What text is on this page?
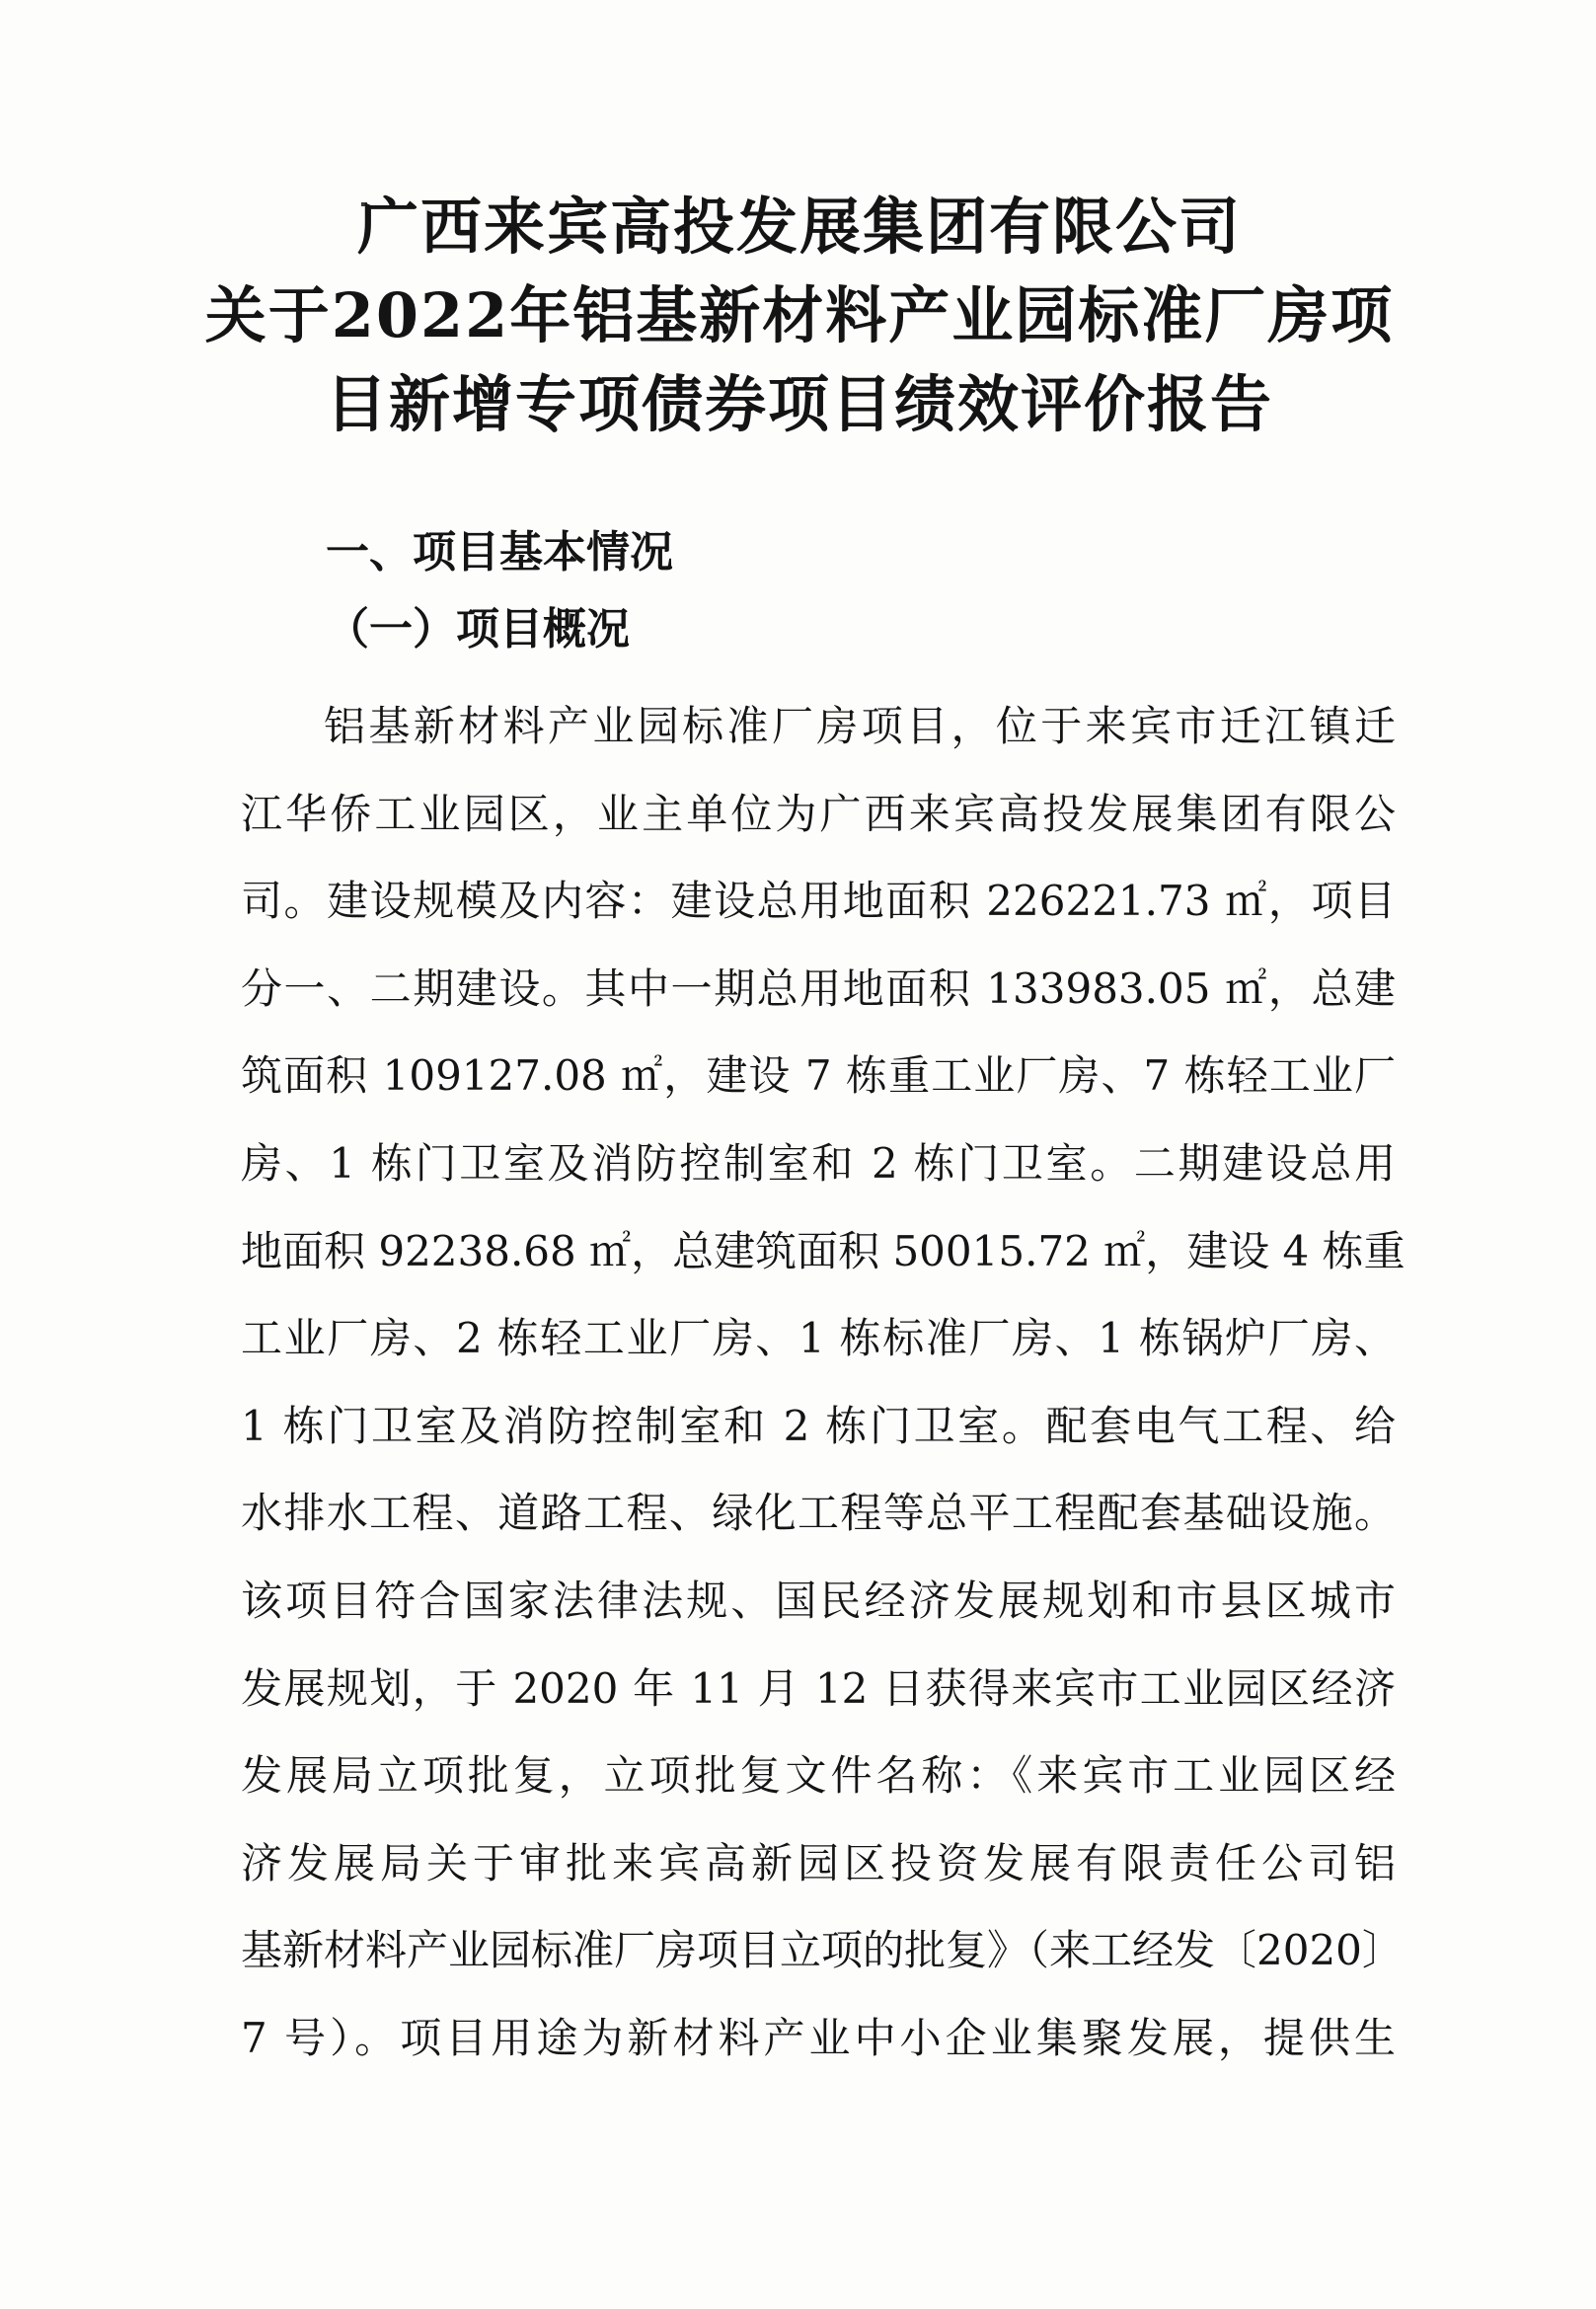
广西来宾高投发展集团有限公司
关于2022年铝基新材料产业园标准厂房项
目新增专项债券项目绩效评价报告
一、项目基本情况
（一）项目概况
铝基新材料产业园标准厂房项目，位于来宾市迁江镇迁
江华侨工业园区，业主单位为广西来宾高投发展集团有限公
司。建设规模及内容：建设总用地面积 226221.73 ㎡，项目
分一、二期建设。其中一期总用地面积 133983.05 ㎡，总建
筑面积 109127.08 ㎡，建设 7 栋重工业厂房、7 栋轻工业厂
房、1 栋门卫室及消防控制室和 2 栋门卫室。二期建设总用
地面积 92238.68 ㎡，总建筑面积 50015.72 ㎡，建设 4 栋重
工业厂房、2 栋轻工业厂房、1 栋标准厂房、1 栋锅炉厂房、
1 栋门卫室及消防控制室和 2 栋门卫室。配套电气工程、给
水排水工程、道路工程、绿化工程等总平工程配套基础设施。
该项目符合国家法律法规、国民经济发展规划和市县区城市
发展规划，于 2020 年 11 月 12 日获得来宾市工业园区经济
发展局立项批复，立项批复文件名称：《来宾市工业园区经
济发展局关于审批来宾高新园区投资发展有限责任公司铝
基新材料产业园标准厂房项目立项的批复》（来工经发〔2020〕
7 号）。项目用途为新材料产业中小企业集聚发展，提供生
